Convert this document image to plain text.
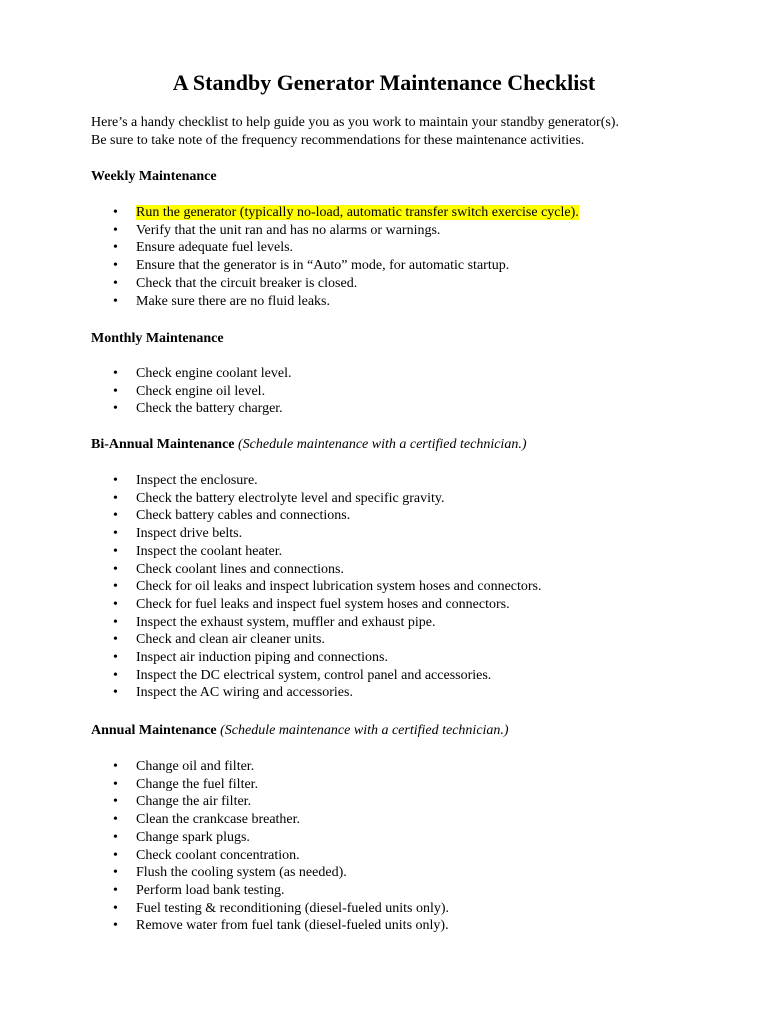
A Standby Generator Maintenance Checklist

Here’s a handy checklist to help guide you as you work to maintain your standby generator(s).
Be sure to take note of the frequency recommendations for these maintenance activities.

Weekly Maintenance

• Run the generator (typically no-load, automatic transfer switch exercise cycle).
• Verify that the unit ran and has no alarms or warnings.
• Ensure adequate fuel levels.
• Ensure that the generator is in “Auto” mode, for automatic startup.
• Check that the circuit breaker is closed.
• Make sure there are no fluid leaks.

Monthly Maintenance

• Check engine coolant level.
• Check engine oil level.
• Check the battery charger.

Bi-Annual Maintenance (Schedule maintenance with a certified technician.)

• Inspect the enclosure.
• Check the battery electrolyte level and specific gravity.
• Check battery cables and connections.
• Inspect drive belts.
• Inspect the coolant heater.
• Check coolant lines and connections.
• Check for oil leaks and inspect lubrication system hoses and connectors.
• Check for fuel leaks and inspect fuel system hoses and connectors.
• Inspect the exhaust system, muffler and exhaust pipe.
• Check and clean air cleaner units.
• Inspect air induction piping and connections.
• Inspect the DC electrical system, control panel and accessories.
• Inspect the AC wiring and accessories.

Annual Maintenance (Schedule maintenance with a certified technician.)

• Change oil and filter.
• Change the fuel filter.
• Change the air filter.
• Clean the crankcase breather.
• Change spark plugs.
• Check coolant concentration.
• Flush the cooling system (as needed).
• Perform load bank testing.
• Fuel testing & reconditioning (diesel-fueled units only).
• Remove water from fuel tank (diesel-fueled units only).
